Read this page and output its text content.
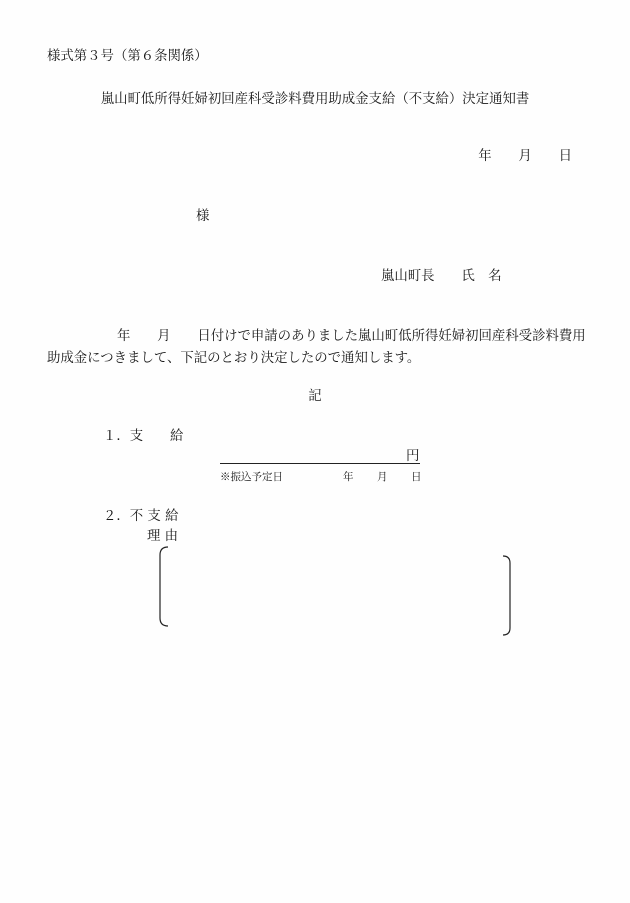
様式第３号（第６条関係）
嵐山町低所得妊婦初回産科受診料費用助成金支給（不支給）決定通知書
年　　月　　日
様
嵐山町長　　氏　名
年　　月　　日付けで申請のありました嵐山町低所得妊婦初回産科受診料費用
助成金につきまして、下記のとおり決定したので通知します。
記
１．支　　給
円
※振込予定日	年 月 日
２．不 支 給
理 由
